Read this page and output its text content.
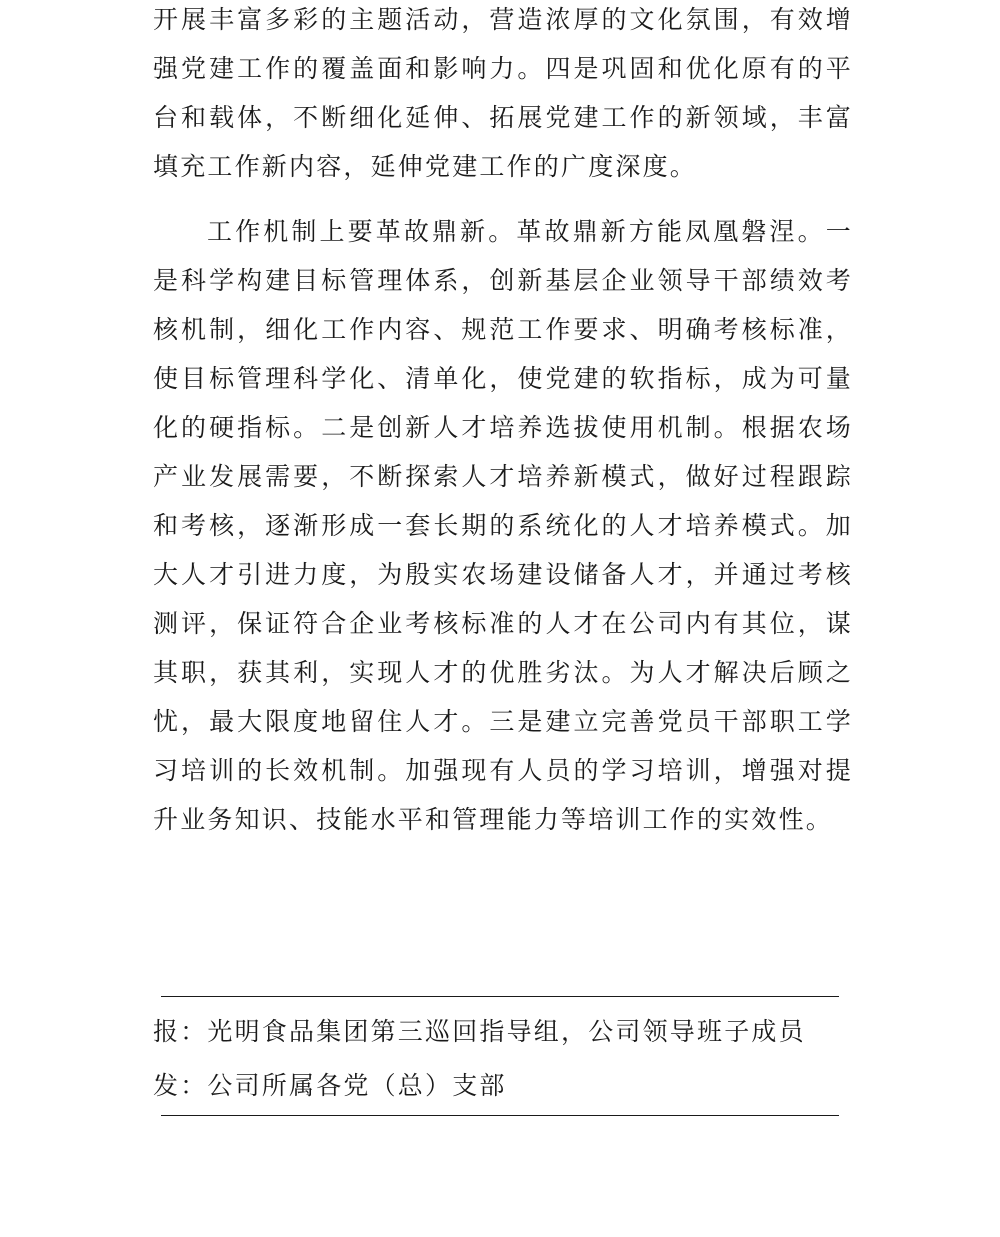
开展丰富多彩的主题活动，营造浓厚的文化氛围，有效增强党建工作的覆盖面和影响力。四是巩固和优化原有的平台和载体，不断细化延伸、拓展党建工作的新领域，丰富填充工作新内容，延伸党建工作的广度深度。

工作机制上要革故鼎新。革故鼎新方能凤凰磐涅。一是科学构建目标管理体系，创新基层企业领导干部绩效考核机制，细化工作内容、规范工作要求、明确考核标准，使目标管理科学化、清单化，使党建的软指标，成为可量化的硬指标。二是创新人才培养选拔使用机制。根据农场产业发展需要，不断探索人才培养新模式，做好过程跟踪和考核，逐渐形成一套长期的系统化的人才培养模式。加大人才引进力度，为殷实农场建设储备人才，并通过考核测评，保证符合企业考核标准的人才在公司内有其位，谋其职，获其利，实现人才的优胜劣汰。为人才解决后顾之忧，最大限度地留住人才。三是建立完善党员干部职工学习培训的长效机制。加强现有人员的学习培训，增强对提升业务知识、技能水平和管理能力等培训工作的实效性。

报：光明食品集团第三巡回指导组，公司领导班子成员
发：公司所属各党（总）支部
